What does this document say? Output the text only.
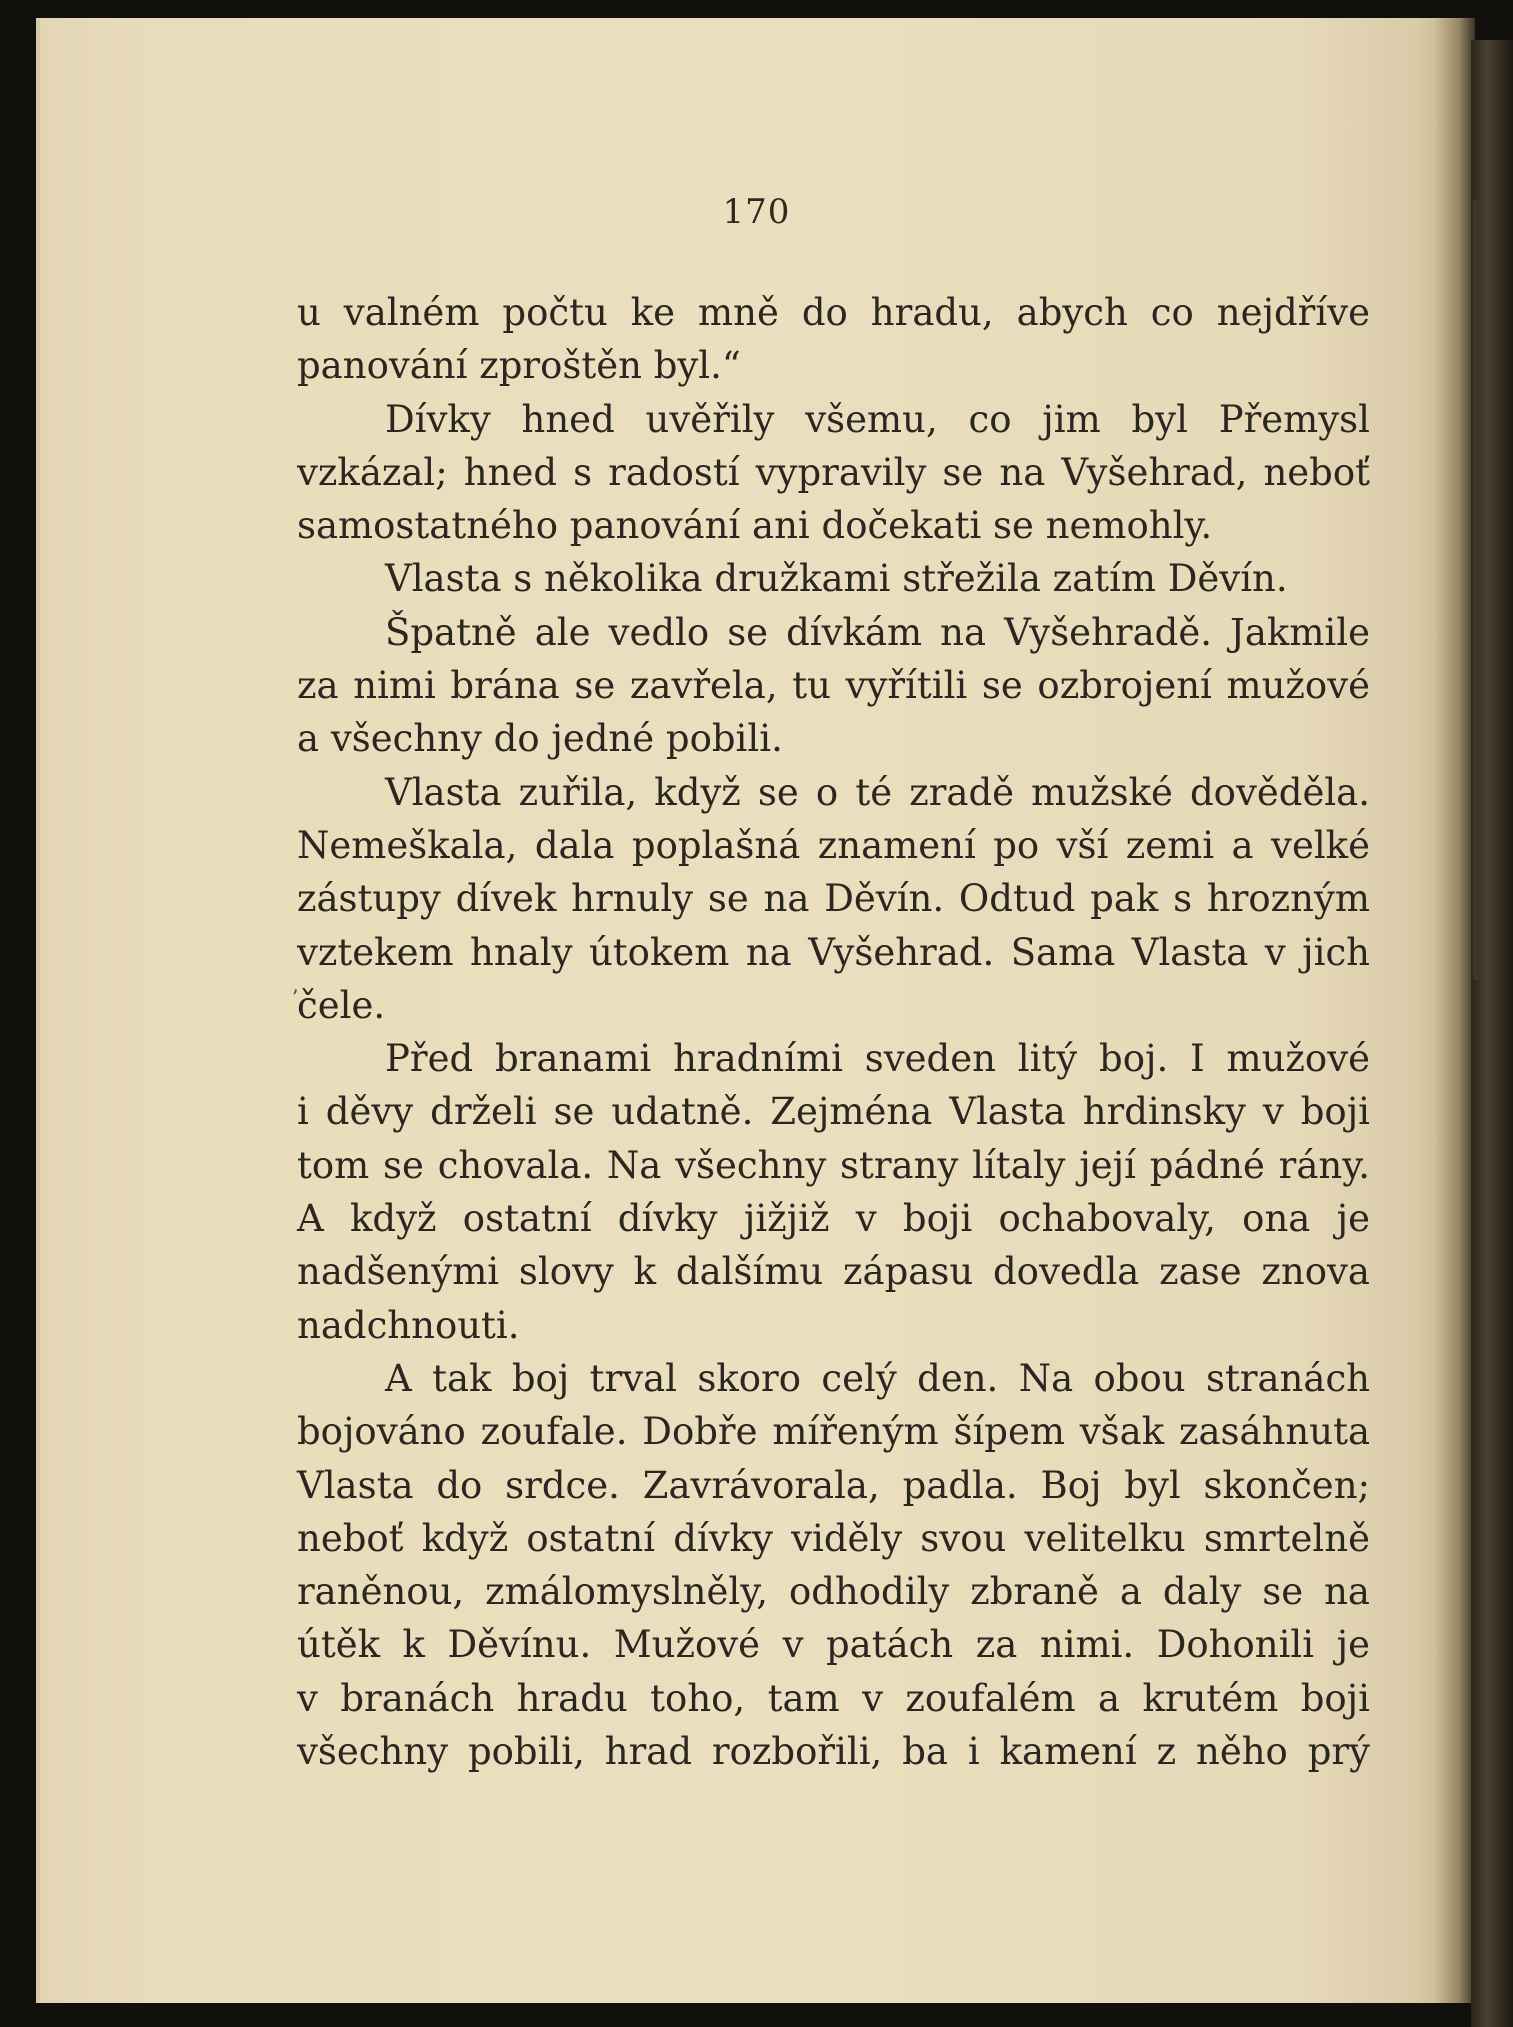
170
’
u valném počtu ke mně do hradu, abych co nejdříve
panování zproštěn byl.“
Dívky hned uvěřily všemu, co jim byl Přemysl
vzkázal; hned s radostí vypravily se na Vyšehrad, neboť
samostatného panování ani dočekati se nemohly.
Vlasta s několika družkami střežila zatím Děvín.
Špatně ale vedlo se dívkám na Vyšehradě. Jakmile
za nimi brána se zavřela, tu vyřítili se ozbrojení mužové
a všechny do jedné pobili.
Vlasta zuřila, když se o té zradě mužské dověděla.
Nemeškala, dala poplašná znamení po vší zemi a velké
zástupy dívek hrnuly se na Děvín. Odtud pak s hrozným
vztekem hnaly útokem na Vyšehrad. Sama Vlasta v jich
čele.
Před branami hradními sveden litý boj. I mužové
i děvy drželi se udatně. Zejména Vlasta hrdinsky v boji
tom se chovala. Na všechny strany lítaly její pádné rány.
A když ostatní dívky jižjiž v boji ochabovaly, ona je
nadšenými slovy k dalšímu zápasu dovedla zase znova
nadchnouti.
A tak boj trval skoro celý den. Na obou stranách
bojováno zoufale. Dobře mířeným šípem však zasáhnuta
Vlasta do srdce. Zavrávorala, padla. Boj byl skončen;
neboť když ostatní dívky viděly svou velitelku smrtelně
raněnou, zmálomyslněly, odhodily zbraně a daly se na
útěk k Děvínu. Mužové v patách za nimi. Dohonili je
v branách hradu toho, tam v zoufalém a krutém boji
všechny pobili, hrad rozbořili, ba i kamení z něho prý
